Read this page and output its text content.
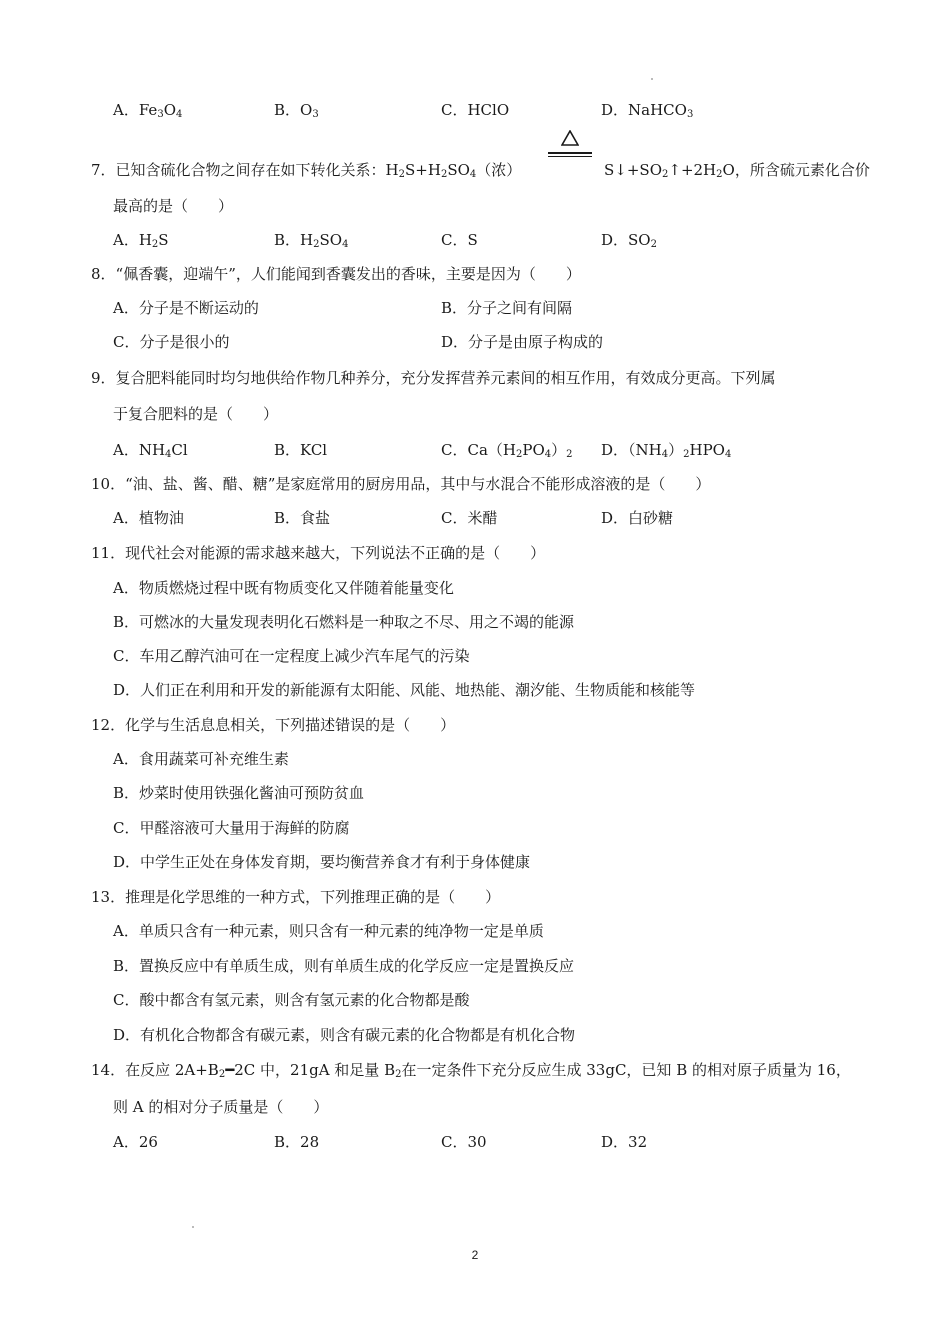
A．$Fe_3O_4$	B．$O_3$	C．HClO	D．NaHCO$_3$
7．已知含硫化合物之间存在如下转化关系：$H_2S+H_2SO_4$（浓）	$S↓+SO_2↑+2H_2O$，所含硫元素化合价
最高的是（　　）
A．$H_2S$	B．$H_2SO_4$	C．S	D．$SO_2$
8．“佩香囊，迎端午”，人们能闻到香囊发出的香味，主要是因为（　　）
A．分子是不断运动的	B．分子之间有间隔
C．分子是很小的	D．分子是由原子构成的
9．复合肥料能同时均匀地供给作物几种养分，充分发挥营养元素间的相互作用，有效成分更高。下列属
于复合肥料的是（　　）
A．$NH_4Cl$	B．KCl	C．$Ca(H_2PO_4)_2$ D．$(NH_4)_2HPO_4$
10．“油、盐、酱、醋、糖”是家庭常用的厨房用品，其中与水混合不能形成溶液的是（　　）
A．植物油	B．食盐	C．米醋	D．白砂糖
11．现代社会对能源的需求越来越大，下列说法不正确的是（　　）
A．物质燃烧过程中既有物质变化又伴随着能量变化
B．可燃冰的大量发现表明化石燃料是一种取之不尽、用之不竭的能源
C．车用乙醇汽油可在一定程度上减少汽车尾气的污染
D．人们正在利用和开发的新能源有太阳能、风能、地热能、潮汐能、生物质能和核能等
12．化学与生活息息相关，下列描述错误的是（　　）
A．食用蔬菜可补充维生素
B．炒菜时使用铁强化酱油可预防贫血
C．甲醛溶液可大量用于海鲜的防腐
D．中学生正处在身体发育期，要均衡营养食才有利于身体健康
13．推理是化学思维的一种方式，下列推理正确的是（　　）
A．单质只含有一种元素，则只含有一种元素的纯净物一定是单质
B．置换反应中有单质生成，则有单质生成的化学反应一定是置换反应
C．酸中都含有氢元素，则含有氢元素的化合物都是酸
D．有机化合物都含有碳元素，则含有碳元素的化合物都是有机化合物
14．在反应 $2A+B_2━2C$ 中，21gA 和足量 $B_2$在一定条件下充分反应生成 33gC，已知 B 的相对原子质量为 16，
则 A 的相对分子质量是（　　）
A．26	B．28	C．30	D．32
2
